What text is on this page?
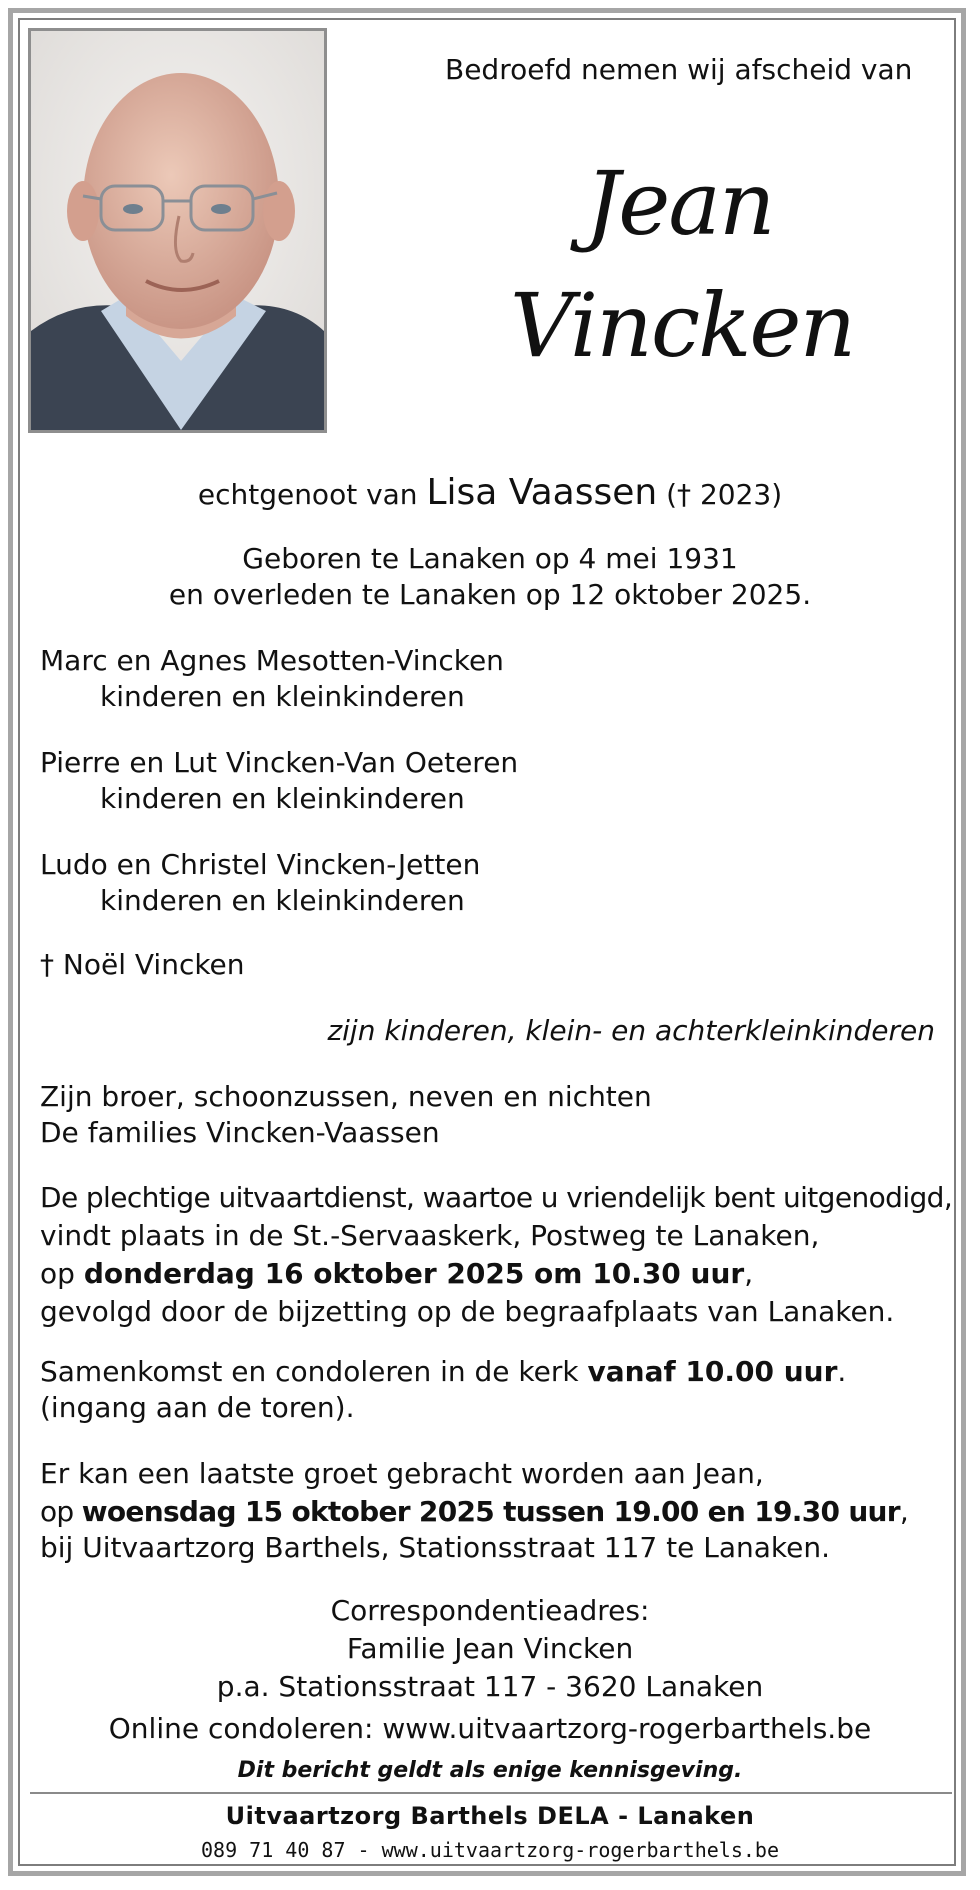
Bedroefd nemen wij afscheid van
Jean
Vincken
echtgenoot van Lisa Vaassen († 2023)
Geboren te Lanaken op 4 mei 1931
en overleden te Lanaken op 12 oktober 2025.
Marc en Agnes Mesotten-Vincken
kinderen en kleinkinderen
Pierre en Lut Vincken-Van Oeteren
kinderen en kleinkinderen
Ludo en Christel Vincken-Jetten
kinderen en kleinkinderen
† Noël Vincken
zijn kinderen, klein- en achterkleinkinderen
Zijn broer, schoonzussen, neven en nichten
De families Vincken-Vaassen
De plechtige uitvaartdienst, waartoe u vriendelijk bent uitgenodigd,
vindt plaats in de St.-Servaaskerk, Postweg te Lanaken,
op donderdag 16 oktober 2025 om 10.30 uur,
gevolgd door de bijzetting op de begraafplaats van Lanaken.
Samenkomst en condoleren in de kerk vanaf 10.00 uur.
(ingang aan de toren).
Er kan een laatste groet gebracht worden aan Jean,
op woensdag 15 oktober 2025 tussen 19.00 en 19.30 uur,
bij Uitvaartzorg Barthels, Stationsstraat 117 te Lanaken.
Correspondentieadres:
Familie Jean Vincken
p.a. Stationsstraat 117 - 3620 Lanaken
Online condoleren: www.uitvaartzorg-rogerbarthels.be
Dit bericht geldt als enige kennisgeving.
Uitvaartzorg Barthels DELA - Lanaken
089 71 40 87 - www.uitvaartzorg-rogerbarthels.be
